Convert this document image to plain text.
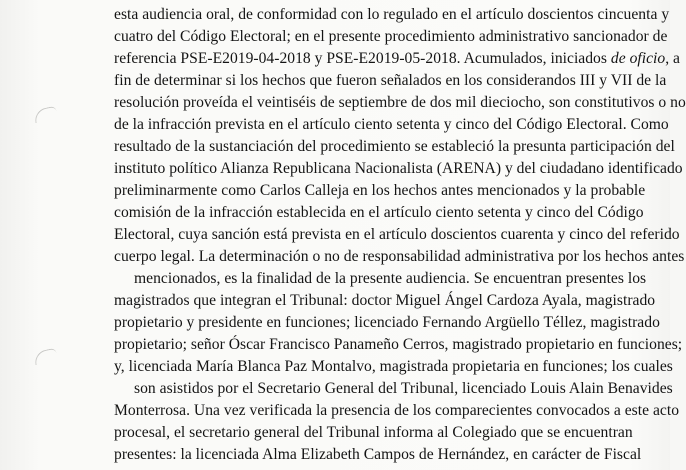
esta audiencia oral, de conformidad con lo regulado en el artículo doscientos cincuenta y
cuatro del Código Electoral; en el presente procedimiento administrativo sancionador de
referencia PSE-E2019-04-2018 y PSE-E2019-05-2018. Acumulados, iniciados de oficio, a
fin de determinar si los hechos que fueron señalados en los considerandos III y VII de la
resolución proveída el veintiséis de septiembre de dos mil dieciocho, son constitutivos o no
de la infracción prevista en el artículo ciento setenta y cinco del Código Electoral. Como
resultado de la sustanciación del procedimiento se estableció la presunta participación del
instituto político Alianza Republicana Nacionalista (ARENA) y del ciudadano identificado
preliminarmente como Carlos Calleja en los hechos antes mencionados y la probable
comisión de la infracción establecida en el artículo ciento setenta y cinco del Código
Electoral, cuya sanción está prevista en el artículo doscientos cuarenta y cinco del referido
cuerpo legal. La determinación o no de responsabilidad administrativa por los hechos antes
mencionados, es la finalidad de la presente audiencia. Se encuentran presentes los
magistrados que integran el Tribunal: doctor Miguel Ángel Cardoza Ayala, magistrado
propietario y presidente en funciones; licenciado Fernando Argüello Téllez, magistrado
propietario; señor Óscar Francisco Panameño Cerros, magistrado propietario en funciones;
y, licenciada María Blanca Paz Montalvo, magistrada propietaria en funciones; los cuales
son asistidos por el Secretario General del Tribunal, licenciado Louis Alain Benavides
Monterrosa. Una vez verificada la presencia de los comparecientes convocados a este acto
procesal, el secretario general del Tribunal informa al Colegiado que se encuentran
presentes: la licenciada Alma Elizabeth Campos de Hernández, en carácter de Fiscal
